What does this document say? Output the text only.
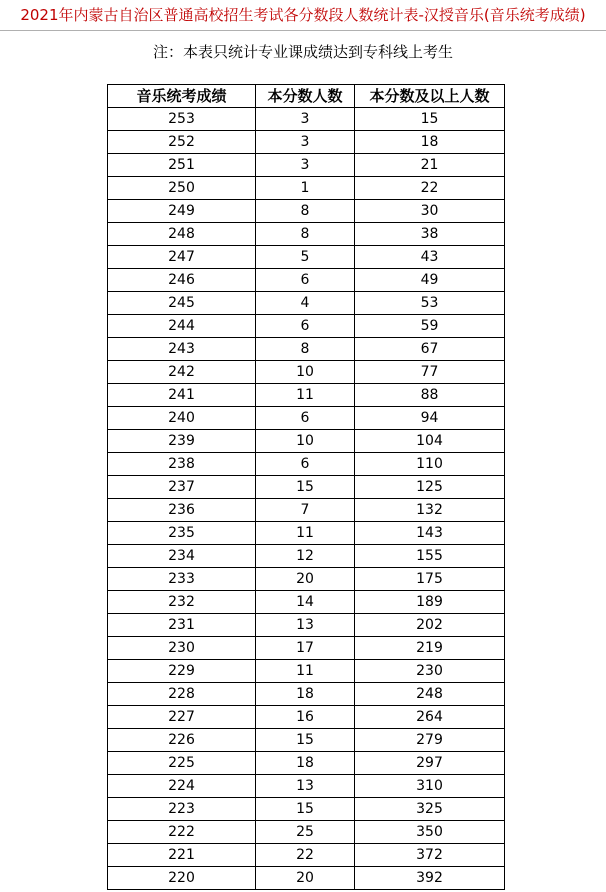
2021年内蒙古自治区普通高校招生考试各分数段人数统计表-汉授音乐(音乐统考成绩)
注：本表只统计专业课成绩达到专科线上考生
音乐统考成绩	本分数人数	本分数及以上人数
253	3	15
252	3	18
251	3	21
250	1	22
249	8	30
248	8	38
247	5	43
246	6	49
245	4	53
244	6	59
243	8	67
242	10	77
241	11	88
240	6	94
239	10	104
238	6	110
237	15	125
236	7	132
235	11	143
234	12	155
233	20	175
232	14	189
231	13	202
230	17	219
229	11	230
228	18	248
227	16	264
226	15	279
225	18	297
224	13	310
223	15	325
222	25	350
221	22	372
220	20	392
